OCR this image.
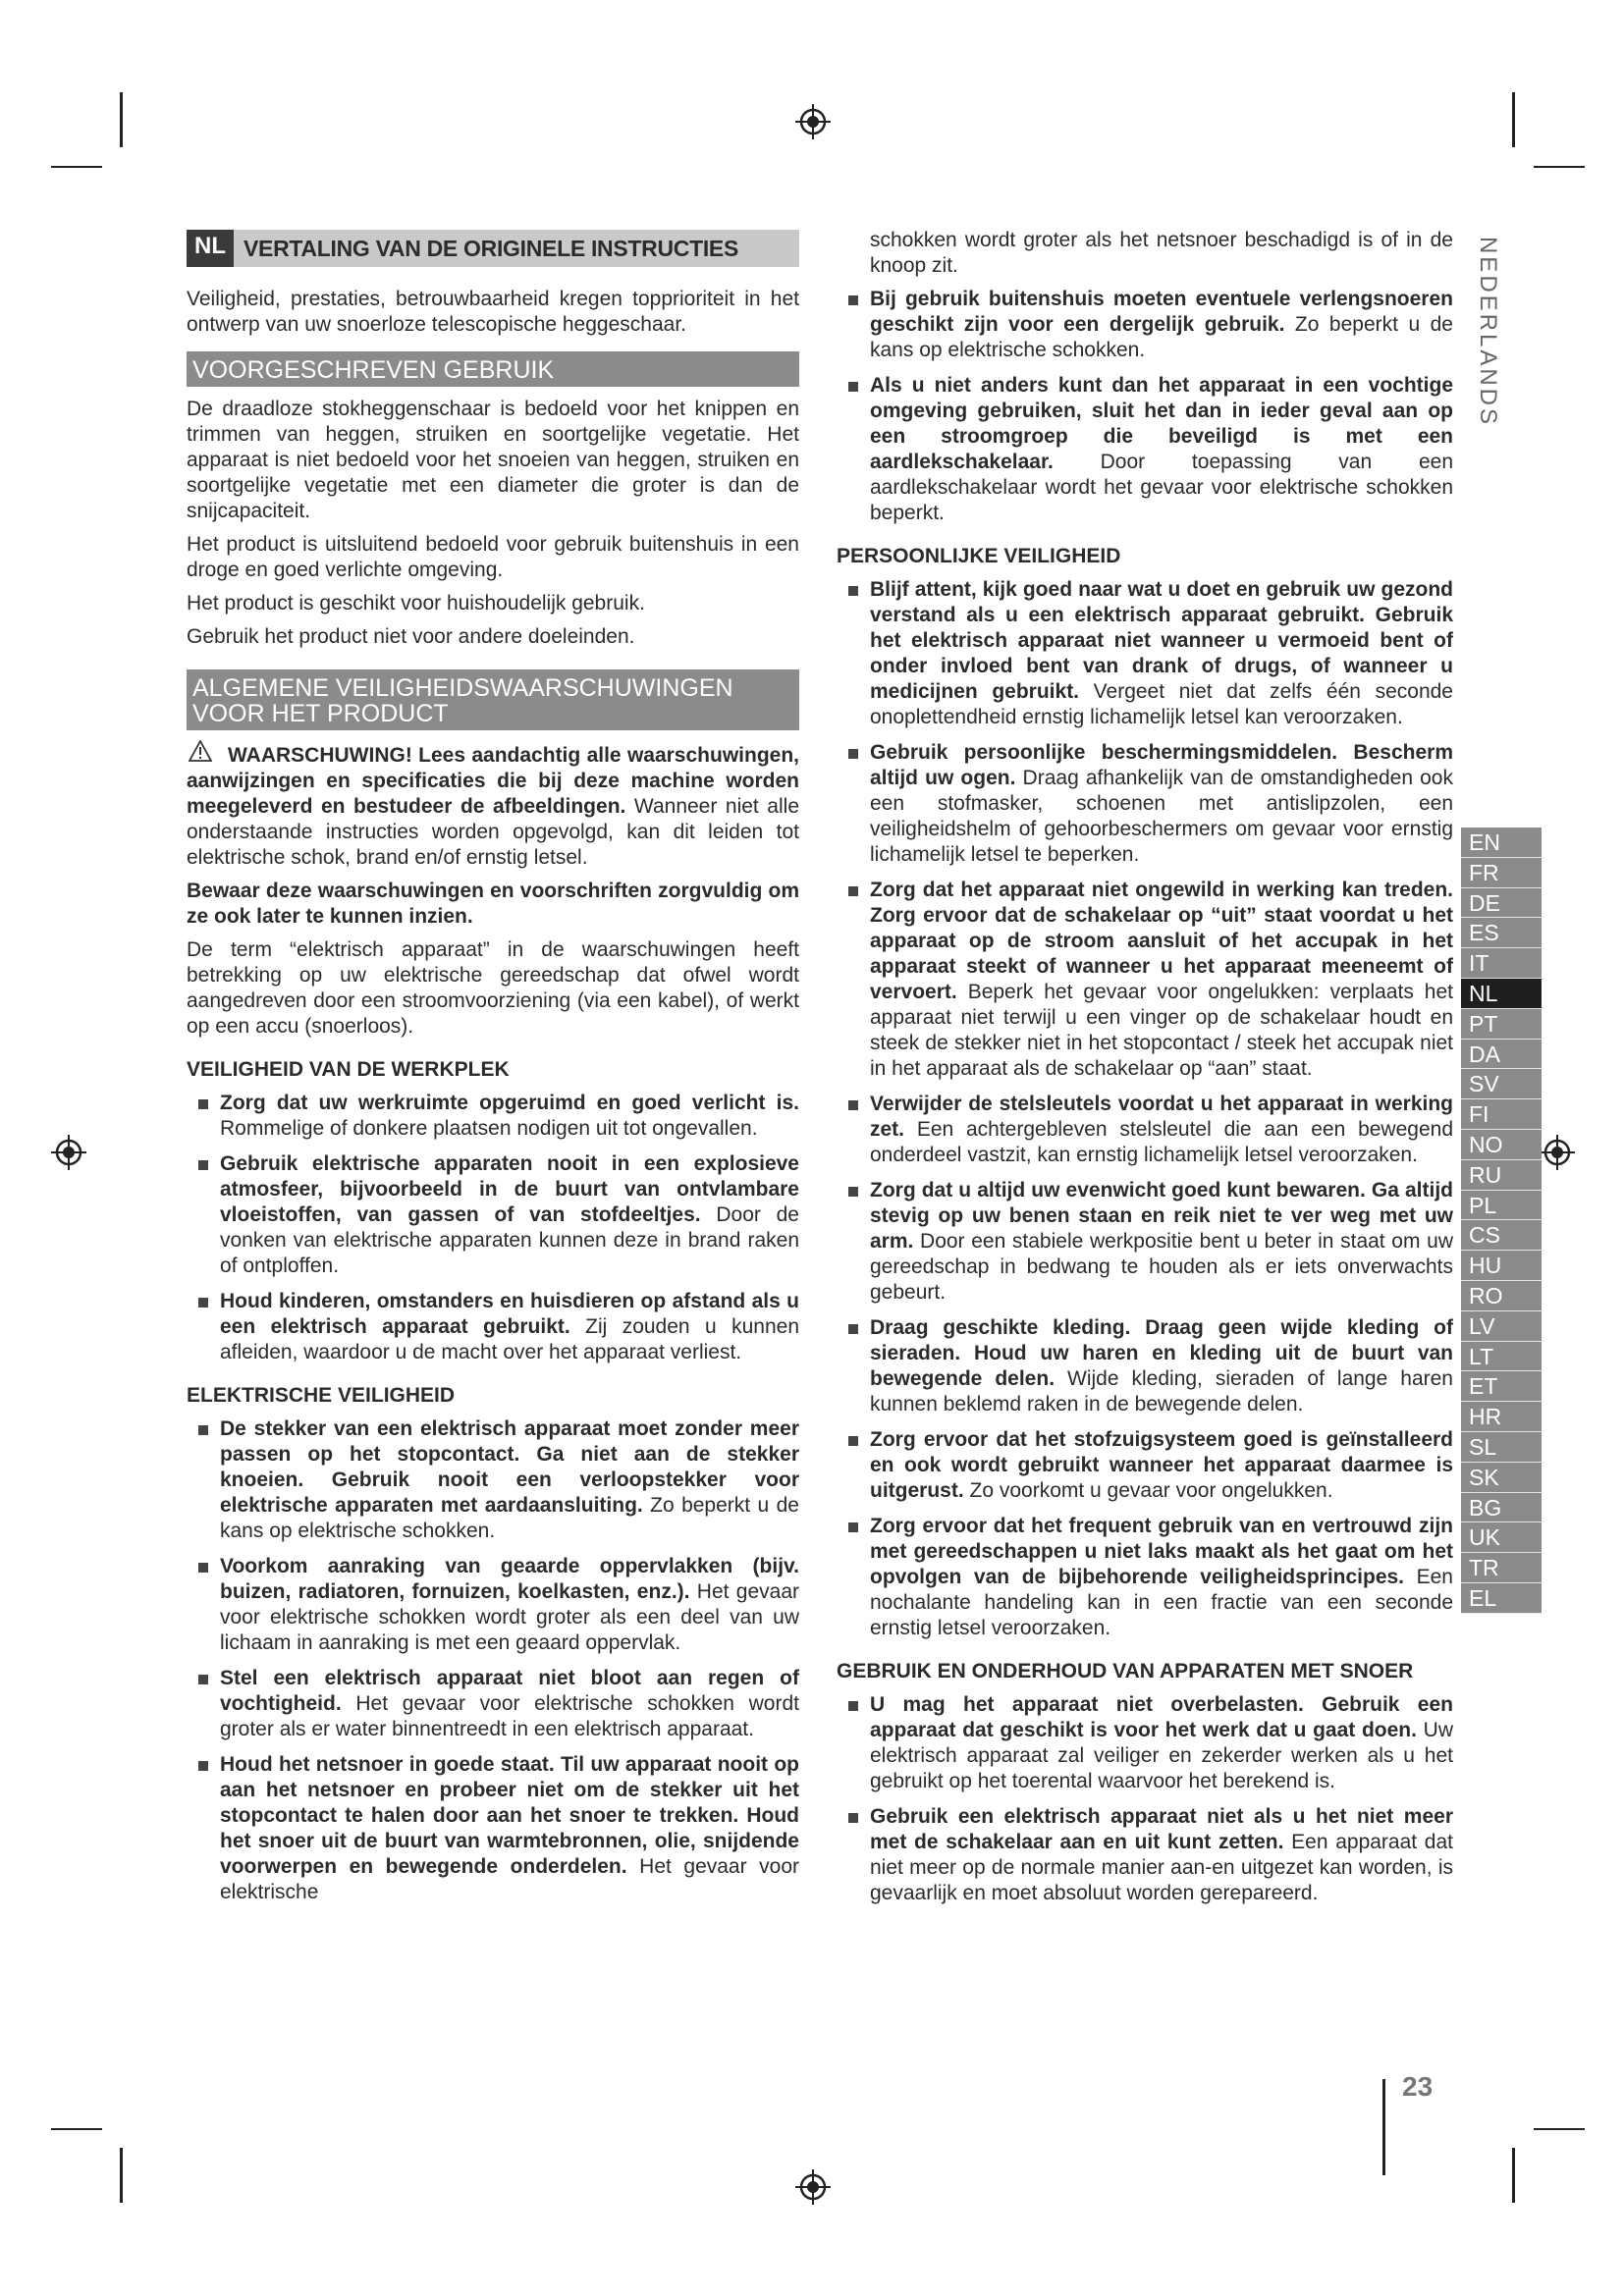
NL VERTALING VAN DE ORIGINELE INSTRUCTIES

Veiligheid, prestaties, betrouwbaarheid kregen topprioriteit in het ontwerp van uw snoerloze telescopische heggeschaar.

VOORGESCHREVEN GEBRUIK

De draadloze stokheggenschaar is bedoeld voor het knippen en trimmen van heggen, struiken en soortgelijke vegetatie. Het apparaat is niet bedoeld voor het snoeien van heggen, struiken en soortgelijke vegetatie met een diameter die groter is dan de snijcapaciteit.

Het product is uitsluitend bedoeld voor gebruik buitenshuis in een droge en goed verlichte omgeving.

Het product is geschikt voor huishoudelijk gebruik.

Gebruik het product niet voor andere doeleinden.

ALGEMENE VEILIGHEIDSWAARSCHUWINGEN
VOOR HET PRODUCT

WAARSCHUWING! Lees aandachtig alle waarschuwingen, aanwijzingen en specificaties die bij deze machine worden meegeleverd en bestudeer de afbeeldingen. Wanneer niet alle onderstaande instructies worden opgevolgd, kan dit leiden tot elektrische schok, brand en/of ernstig letsel.

Bewaar deze waarschuwingen en voorschriften zorgvuldig om ze ook later te kunnen inzien.

De term “elektrisch apparaat” in de waarschuwingen heeft betrekking op uw elektrische gereedschap dat ofwel wordt aangedreven door een stroomvoorziening (via een kabel), of werkt op een accu (snoerloos).

VEILIGHEID VAN DE WERKPLEK
Zorg dat uw werkruimte opgeruimd en goed verlicht is. Rommelige of donkere plaatsen nodigen uit tot ongevallen.
Gebruik elektrische apparaten nooit in een explosieve atmosfeer, bijvoorbeeld in de buurt van ontvlambare vloeistoffen, van gassen of van stofdeeltjes. Door de vonken van elektrische apparaten kunnen deze in brand raken of ontploffen.
Houd kinderen, omstanders en huisdieren op afstand als u een elektrisch apparaat gebruikt. Zij zouden u kunnen afleiden, waardoor u de macht over het apparaat verliest.
ELEKTRISCHE VEILIGHEID
De stekker van een elektrisch apparaat moet zonder meer passen op het stopcontact. Ga niet aan de stekker knoeien. Gebruik nooit een verloopstekker voor elektrische apparaten met aardaansluiting. Zo beperkt u de kans op elektrische schokken.
Voorkom aanraking van geaarde oppervlakken (bijv. buizen, radiatoren, fornuizen, koelkasten, enz.). Het gevaar voor elektrische schokken wordt groter als een deel van uw lichaam in aanraking is met een geaard oppervlak.
Stel een elektrisch apparaat niet bloot aan regen of vochtigheid. Het gevaar voor elektrische schokken wordt groter als er water binnentreedt in een elektrisch apparaat.
Houd het netsnoer in goede staat. Til uw apparaat nooit op aan het netsnoer en probeer niet om de stekker uit het stopcontact te halen door aan het snoer te trekken. Houd het snoer uit de buurt van warmtebronnen, olie, snijdende voorwerpen en bewegende onderdelen. Het gevaar voor elektrische

schokken wordt groter als het netsnoer beschadigd is of in de knoop zit.

Bij gebruik buitenshuis moeten eventuele verlengsnoeren geschikt zijn voor een dergelijk gebruik. Zo beperkt u de kans op elektrische schokken.
Als u niet anders kunt dan het apparaat in een vochtige omgeving gebruiken, sluit het dan in ieder geval aan op een stroomgroep die beveiligd is met een aardlekschakelaar. Door toepassing van een aardlekschakelaar wordt het gevaar voor elektrische schokken beperkt.
PERSOONLIJKE VEILIGHEID
Blijf attent, kijk goed naar wat u doet en gebruik uw gezond verstand als u een elektrisch apparaat gebruikt. Gebruik het elektrisch apparaat niet wanneer u vermoeid bent of onder invloed bent van drank of drugs, of wanneer u medicijnen gebruikt. Vergeet niet dat zelfs één seconde onoplettendheid ernstig lichamelijk letsel kan veroorzaken.
Gebruik persoonlijke beschermingsmiddelen. Bescherm altijd uw ogen. Draag afhankelijk van de omstandigheden ook een stofmasker, schoenen met antislipzolen, een veiligheidshelm of gehoorbeschermers om gevaar voor ernstig lichamelijk letsel te beperken.
Zorg dat het apparaat niet ongewild in werking kan treden. Zorg ervoor dat de schakelaar op “uit” staat voordat u het apparaat op de stroom aansluit of het accupak in het apparaat steekt of wanneer u het apparaat meeneemt of vervoert. Beperk het gevaar voor ongelukken: verplaats het apparaat niet terwijl u een vinger op de schakelaar houdt en steek de stekker niet in het stopcontact / steek het accupak niet in het apparaat als de schakelaar op “aan” staat.
Verwijder de stelsleutels voordat u het apparaat in werking zet. Een achtergebleven stelsleutel die aan een bewegend onderdeel vastzit, kan ernstig lichamelijk letsel veroorzaken.
Zorg dat u altijd uw evenwicht goed kunt bewaren. Ga altijd stevig op uw benen staan en reik niet te ver weg met uw arm. Door een stabiele werkpositie bent u beter in staat om uw gereedschap in bedwang te houden als er iets onverwachts gebeurt.
Draag geschikte kleding. Draag geen wijde kleding of sieraden. Houd uw haren en kleding uit de buurt van bewegende delen. Wijde kleding, sieraden of lange haren kunnen beklemd raken in de bewegende delen.
Zorg ervoor dat het stofzuigsysteem goed is geïnstalleerd en ook wordt gebruikt wanneer het apparaat daarmee is uitgerust. Zo voorkomt u gevaar voor ongelukken.
Zorg ervoor dat het frequent gebruik van en vertrouwd zijn met gereedschappen u niet laks maakt als het gaat om het opvolgen van de bijbehorende veiligheidsprincipes. Een nochalante handeling kan in een fractie van een seconde ernstig letsel veroorzaken.
GEBRUIK EN ONDERHOUD VAN APPARATEN MET SNOER
U mag het apparaat niet overbelasten. Gebruik een apparaat dat geschikt is voor het werk dat u gaat doen. Uw elektrisch apparaat zal veiliger en zekerder werken als u het gebruikt op het toerental waarvoor het berekend is.
Gebruik een elektrisch apparaat niet als u het niet meer met de schakelaar aan en uit kunt zetten. Een apparaat dat niet meer op de normale manier aan-en uitgezet kan worden, is gevaarlijk en moet absoluut worden gerepareerd.
NEDERLANDS
EN
FR
DE
ES
IT
NL
PT
DA
SV
FI
NO
RU
PL
CS
HU
RO
LV
LT
ET
HR
SL
SK
BG
UK
TR
EL
23
